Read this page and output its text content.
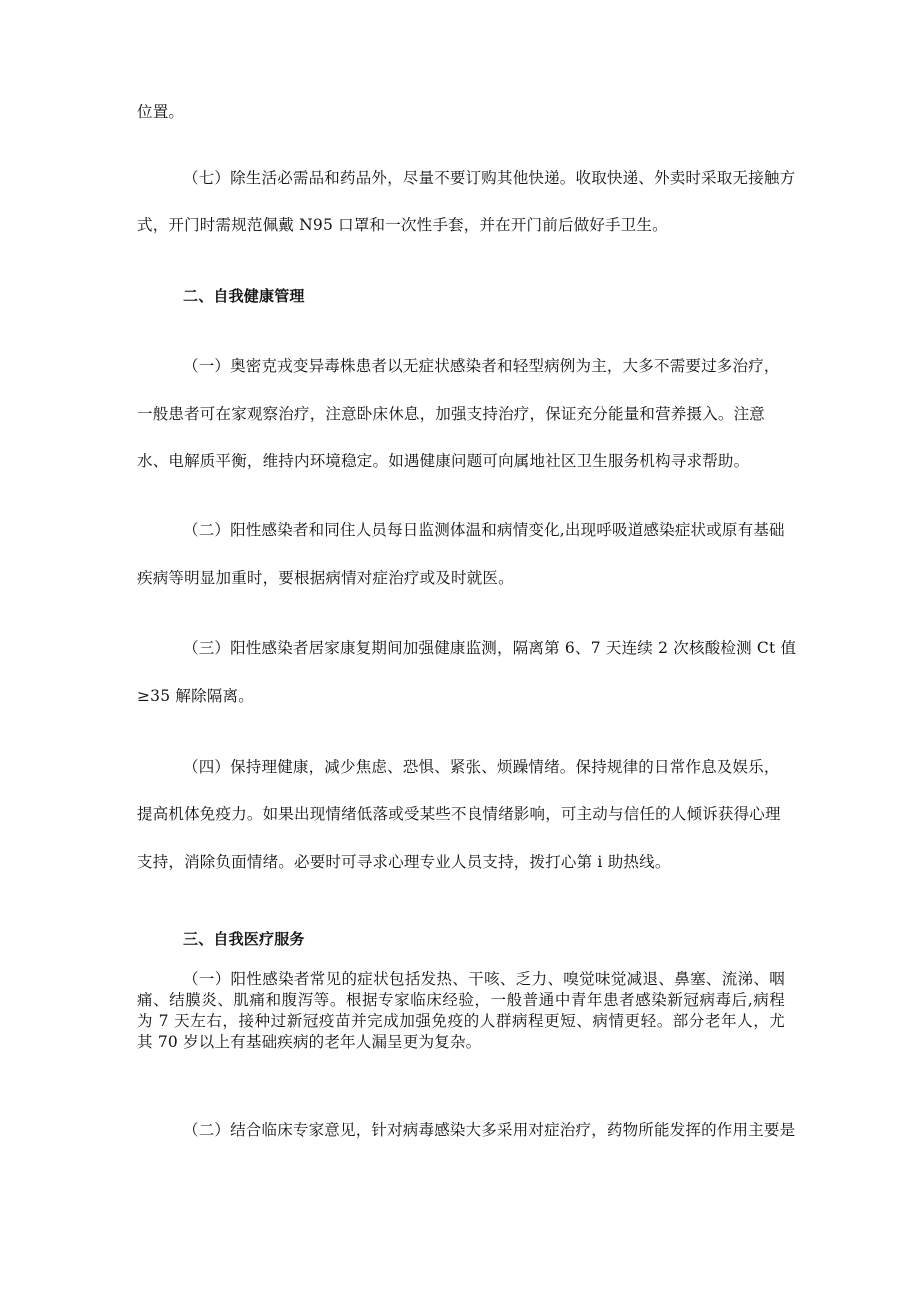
位置。
（七）除生活必需品和药品外，尽量不要订购其他快递。收取快递、外卖时采取无接触方
式，开门时需规范佩戴 N95 口罩和一次性手套，并在开门前后做好手卫生。
二、自我健康管理
（一）奥密克戎变异毒株患者以无症状感染者和轻型病例为主，大多不需要过多治疗，
一般患者可在家观察治疗，注意卧床休息，加强支持治疗，保证充分能量和营养摄入。注意
水、电解质平衡，维持内环境稳定。如遇健康问题可向属地社区卫生服务机构寻求帮助。
（二）阳性感染者和同住人员每日监测体温和病情变化,出现呼吸道感染症状或原有基础
疾病等明显加重时，要根据病情对症治疗或及时就医。
（三）阳性感染者居家康复期间加强健康监测，隔离第 6、7 天连续 2 次核酸检测 Ct 值
≥35 解除隔离。
（四）保持理健康，减少焦虑、恐惧、紧张、烦躁情绪。保持规律的日常作息及娱乐，
提高机体免疫力。如果出现情绪低落或受某些不良情绪影响，可主动与信任的人倾诉获得心理
支持，消除负面情绪。必要时可寻求心理专业人员支持，拨打心第 i 助热线。
三、自我医疗服务
（一）阳性感染者常见的症状包括发热、干咳、乏力、嗅觉味觉减退、鼻塞、流涕、咽痛、结膜炎、肌痛和腹泻等。根据专家临床经验，一般普通中青年患者感染新冠病毒后,病程为 7 天左右，接种过新冠疫苗并完成加强免疫的人群病程更短、病情更轻。部分老年人，尤其 70 岁以上有基础疾病的老年人漏呈更为复杂。
（二）结合临床专家意见，针对病毒感染大多采用对症治疗，药物所能发挥的作用主要是
